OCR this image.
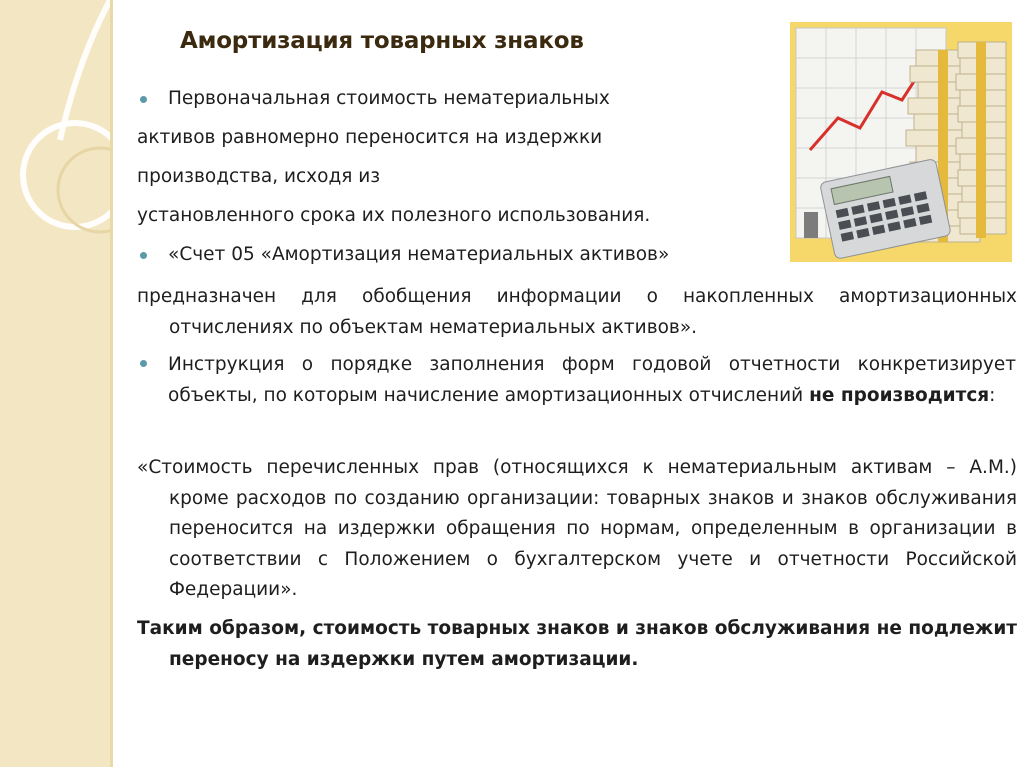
Амортизация товарных знаков
Первоначальная стоимость нематериальных
активов равномерно переносится на издержки
производства, исходя из
установленного срока их полезного использования.
«Счет 05 «Амортизация нематериальных активов»
предназначен для обобщения информации о накопленных амортизационных отчислениях по объектам нематериальных активов».
Инструкция о порядке заполнения форм годовой отчетности конкретизирует объекты, по которым начисление амортизационных отчислений не производится:
«Стоимость перечисленных прав (относящихся к нематериальным активам – А.М.) кроме расходов по созданию организации: товарных знаков и знаков обслуживания переносится на издержки обращения по нормам, определенным в организации в соответствии с Положением о бухгалтерском учете и отчетности Российской Федерации».
Таким образом, стоимость товарных знаков и знаков обслуживания не подлежит переносу на издержки путем амортизации.
